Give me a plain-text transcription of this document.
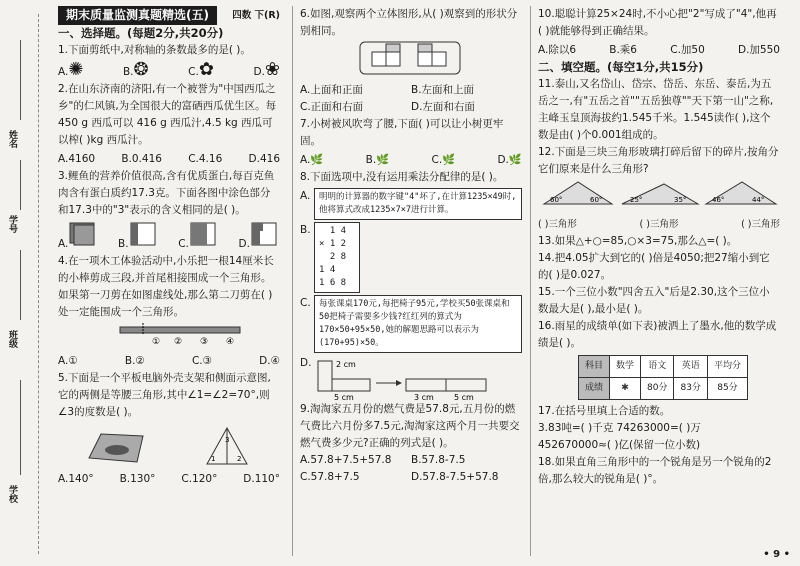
姓名
学号
班级
学校
期末质量监测真题精选(五)	四数 下(R)

一、选择题。(每题2分,共20分)

1.下面剪纸中,对称轴的条数最多的是( )。

A.✺	B.❂	C.✿	D.❀

2.在山东济南的济阳,有一个被誉为"中国西瓜之乡"的仁风镇,为全国很大的富硒西瓜优生区。每450 g 西瓜可以 416 g 西瓜汁,4.5 kg 西瓜可以榨( )kg 西瓜汁。

A.4160	B.0.416	C.4.16	D.416

3.鲤鱼的营养价值很高,含有优质蛋白,每百克鱼肉含有蛋白质约17.3克。下面各图中涂色部分和17.3中的"3"表示的含义相同的是( )。

A.	B.	C.	D.

4.在一项木工体验活动中,小乐把一根14厘米长的小棒剪成三段,并首尾相接围成一个三角形。如果第一刀剪在如图虚线处,那么第二刀剪在( )处一定能围成一个三角形。

① ② ③ ④
A.①	B.②	C.③	D.④

5.下面是一个平板电脑外壳支架和侧面示意图,它的两侧是等腰三角形,其中∠1=∠2=70°,则∠3的度数是( )。

3
1	2
A.140° B.130° C.120° D.110°

6.如图,观察两个立体图形,从( )观察到的形状分别相同。

A.上面和正面	B.左面和上面
C.正面和右面	D.左面和右面

7.小树被风吹弯了腰,下面( )可以让小树更牢固。

A.🌿	B.🌿	C.🌿	D.🌿

8.下面选项中,没有运用乘法分配律的是( )。

A.	明明的计算器的数字键"4"坏了,在计算1235×49时,他将算式改成1235×7×7进行计算。
B. 1 4
× 1 2
2 8
1 4
1 6 8
C. 每张课桌170元,每把椅子95元,学校买50张课桌和50把椅子需要多少钱?红红列的算式为170×50+95×50,她的解题思路可以表示为(170+95)×50。
D.	2 cm
5 cm	3 cm	5 cm

9.淘淘家五月份的燃气费是57.8元,五月份的燃气费比六月份多7.5元,淘淘家这两个月一共要交燃气费多少元?正确的列式是( )。

A.57.8+7.5+57.8	B.57.8-7.5
C.57.8+7.5	D.57.8-7.5+57.8

10.聪聪计算25×24时,不小心把"2"写成了"4",他再( )就能够得到正确结果。

A.除以6	B.乘6	C.加50	D.加550

二、填空题。(每空1分,共15分)

11.泰山,又名岱山、岱宗、岱岳、东岳、泰岳,为五岳之一,有"五岳之首""五岳独尊""天下第一山"之称,主峰玉皇顶海拔约1.545千米。1.545读作( ),这个数是由( )个0.001组成的。

12.下面是三块三角形玻璃打碎后留下的碎片,按角分它们原来是什么三角形?

60°	60°	25°	35°	46°	44°
( )三角形	( )三角形	( )三角形

13.如果△+○=85,○×3=75,那么△=( )。

14.把4.05扩大到它的( )倍是4050;把27缩小到它的( )是0.027。

15.一个三位小数"四舍五入"后是2.30,这个三位小数最大是( ),最小是( )。

16.雨星的成绩单(如下表)被洒上了墨水,他的数学成绩是( )。

科目	数学	语文	英语	平均分
成绩	✱	80分	83分	85分

17.在括号里填上合适的数。

3.83吨=( )千克 74263000=( )万

452670000≈( )亿(保留一位小数)

18.如果直角三角形中的一个锐角是另一个锐角的2倍,那么较大的锐角是( )°。

• 9 •
